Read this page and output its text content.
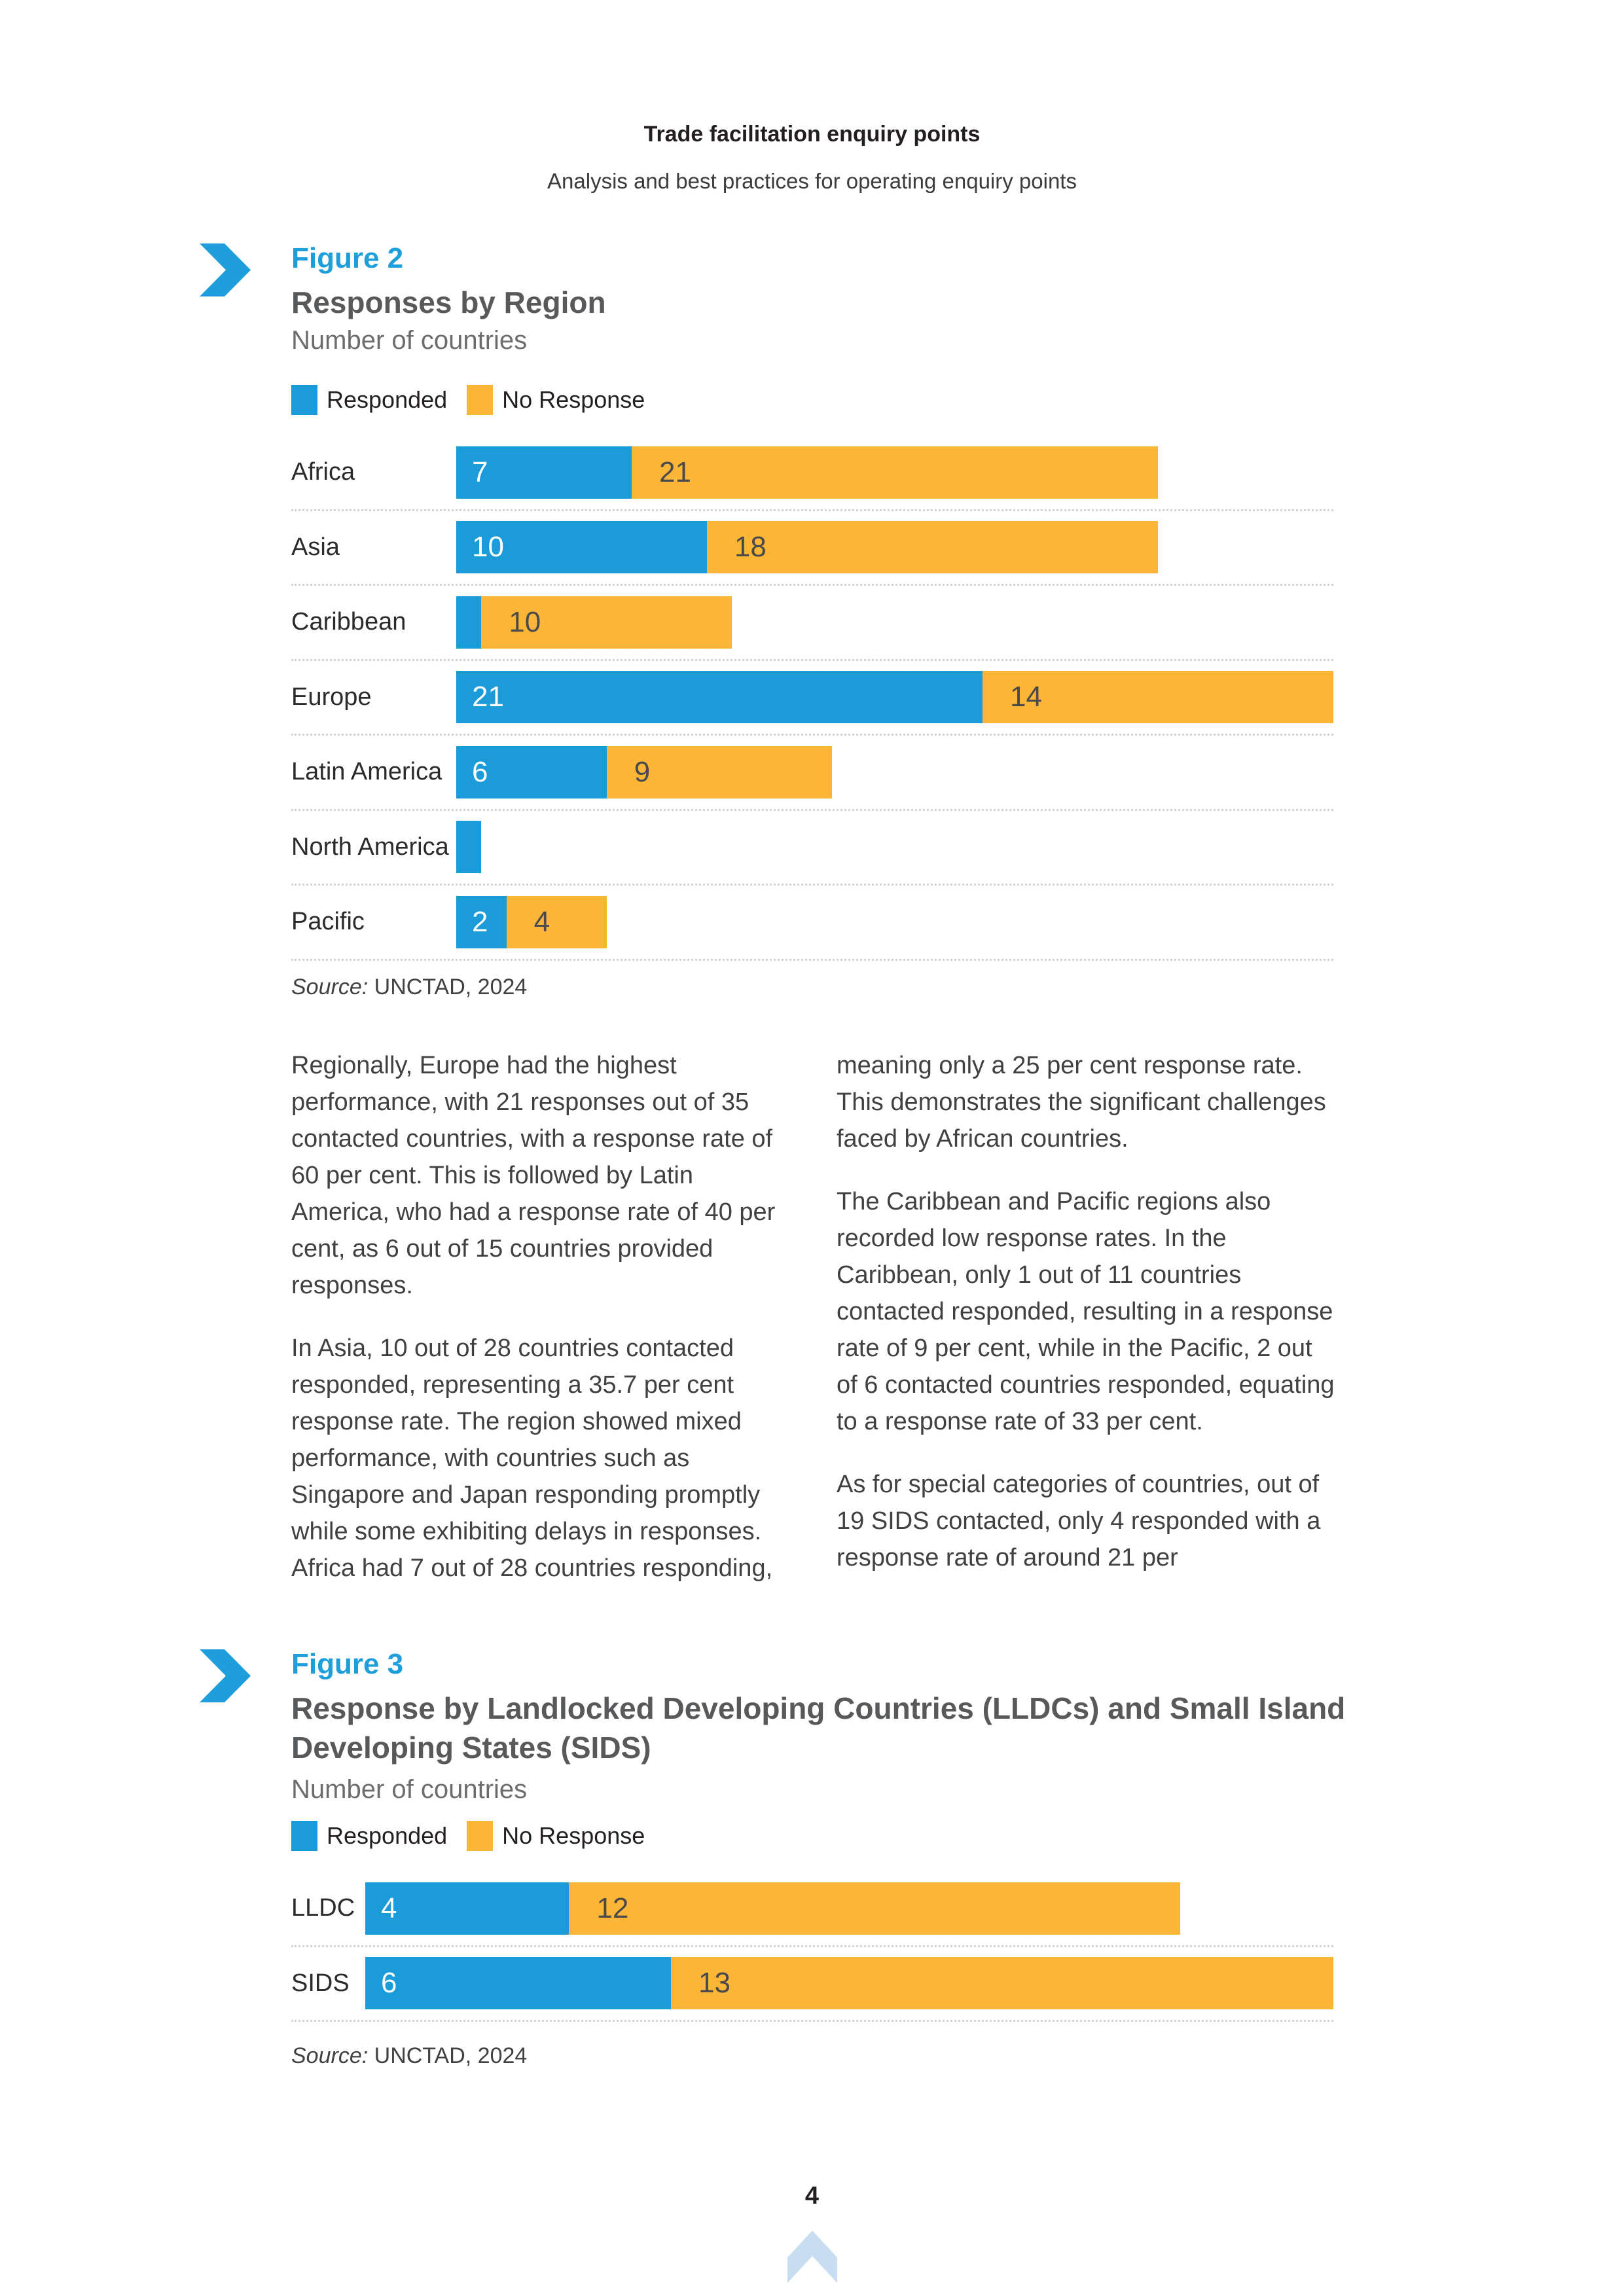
Trade facilitation enquiry points
Analysis and best practices for operating enquiry points
Figure 2
Responses by Region
Number of countries
Responded No Response
Africa	7	21
Asia	10	18
Caribbean	10
Europe	21	14
Latin America	6	9
North America
Pacific	2	4
Source: UNCTAD, 2024

Regionally, Europe had the highest performance, with 21 responses out of 35 contacted countries, with a response rate of 60 per cent. This is followed by Latin America, who had a response rate of 40 per cent, as 6 out of 15 countries provided responses.

In Asia, 10 out of 28 countries contacted responded, representing a 35.7 per cent response rate. The region showed mixed performance, with countries such as Singapore and Japan responding promptly while some exhibiting delays in responses. Africa had 7 out of 28 countries responding,

meaning only a 25 per cent response rate. This demonstrates the significant challenges faced by African countries.

The Caribbean and Pacific regions also recorded low response rates. In the Caribbean, only 1 out of 11 countries contacted responded, resulting in a response rate of 9 per cent, while in the Pacific, 2 out of 6 contacted countries responded, equating to a response rate of 33 per cent.

As for special categories of countries, out of 19 SIDS contacted, only 4 responded with a response rate of around 21 per

Figure 3
Response by Landlocked Developing Countries (LLDCs) and Small Island Developing States (SIDS)
Number of countries
Responded No Response
LLDC 4	12
SIDS	6	13
Source: UNCTAD, 2024
4
